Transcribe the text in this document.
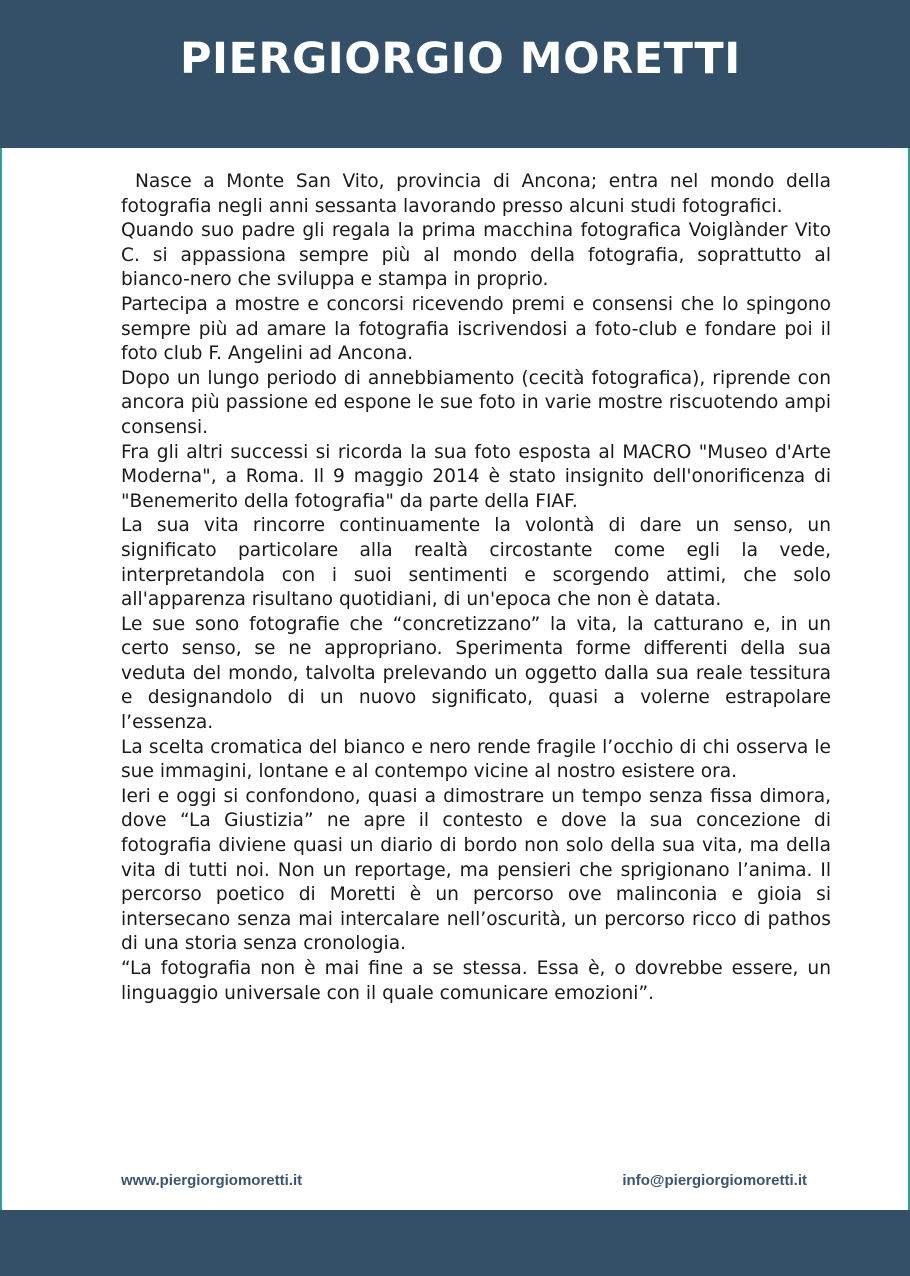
PIERGIORGIO MORETTI

Nasce a Monte San Vito, provincia di Ancona; entra nel mondo della fotografia negli anni sessanta lavorando presso alcuni studi fotografici.

Quando suo padre gli regala la prima macchina fotografica Voiglànder Vito C. si appassiona sempre più al mondo della fotografia, soprattutto al bianco-nero che sviluppa e stampa in proprio.

Partecipa a mostre e concorsi ricevendo premi e consensi che lo spingono sempre più ad amare la fotografia iscrivendosi a foto-club e fondare poi il foto club F. Angelini ad Ancona.

Dopo un lungo periodo di annebbiamento (cecità fotografica), riprende con ancora più passione ed espone le sue foto in varie mostre riscuotendo ampi consensi.

Fra gli altri successi si ricorda la sua foto esposta al MACRO "Museo d'Arte Moderna", a Roma. Il 9 maggio 2014 è stato insignito dell'onorificenza di "Benemerito della fotografia" da parte della FIAF.

La sua vita rincorre continuamente la volontà di dare un senso, un significato particolare alla realtà circostante come egli la vede, interpretandola con i suoi sentimenti e scorgendo attimi, che solo all'apparenza risultano quotidiani, di un'epoca che non è datata.

Le sue sono fotografie che “concretizzano” la vita, la catturano e, in un certo senso, se ne appropriano. Sperimenta forme differenti della sua veduta del mondo, talvolta prelevando un oggetto dalla sua reale tessitura e designandolo di un nuovo significato, quasi a volerne estrapolare l’essenza.

La scelta cromatica del bianco e nero rende fragile l’occhio di chi osserva le sue immagini, lontane e al contempo vicine al nostro esistere ora.

Ieri e oggi si confondono, quasi a dimostrare un tempo senza fissa dimora, dove “La Giustizia” ne apre il contesto e dove la sua concezione di fotografia diviene quasi un diario di bordo non solo della sua vita, ma della vita di tutti noi. Non un reportage, ma pensieri che sprigionano l’anima. Il percorso poetico di Moretti è un percorso ove malinconia e gioia si intersecano senza mai intercalare nell’oscurità, un percorso ricco di pathos di una storia senza cronologia.

“La fotografia non è mai fine a se stessa. Essa è, o dovrebbe essere, un linguaggio universale con il quale comunicare emozioni”.

www.piergiorgiomoretti.it	info@piergiorgiomoretti.it
